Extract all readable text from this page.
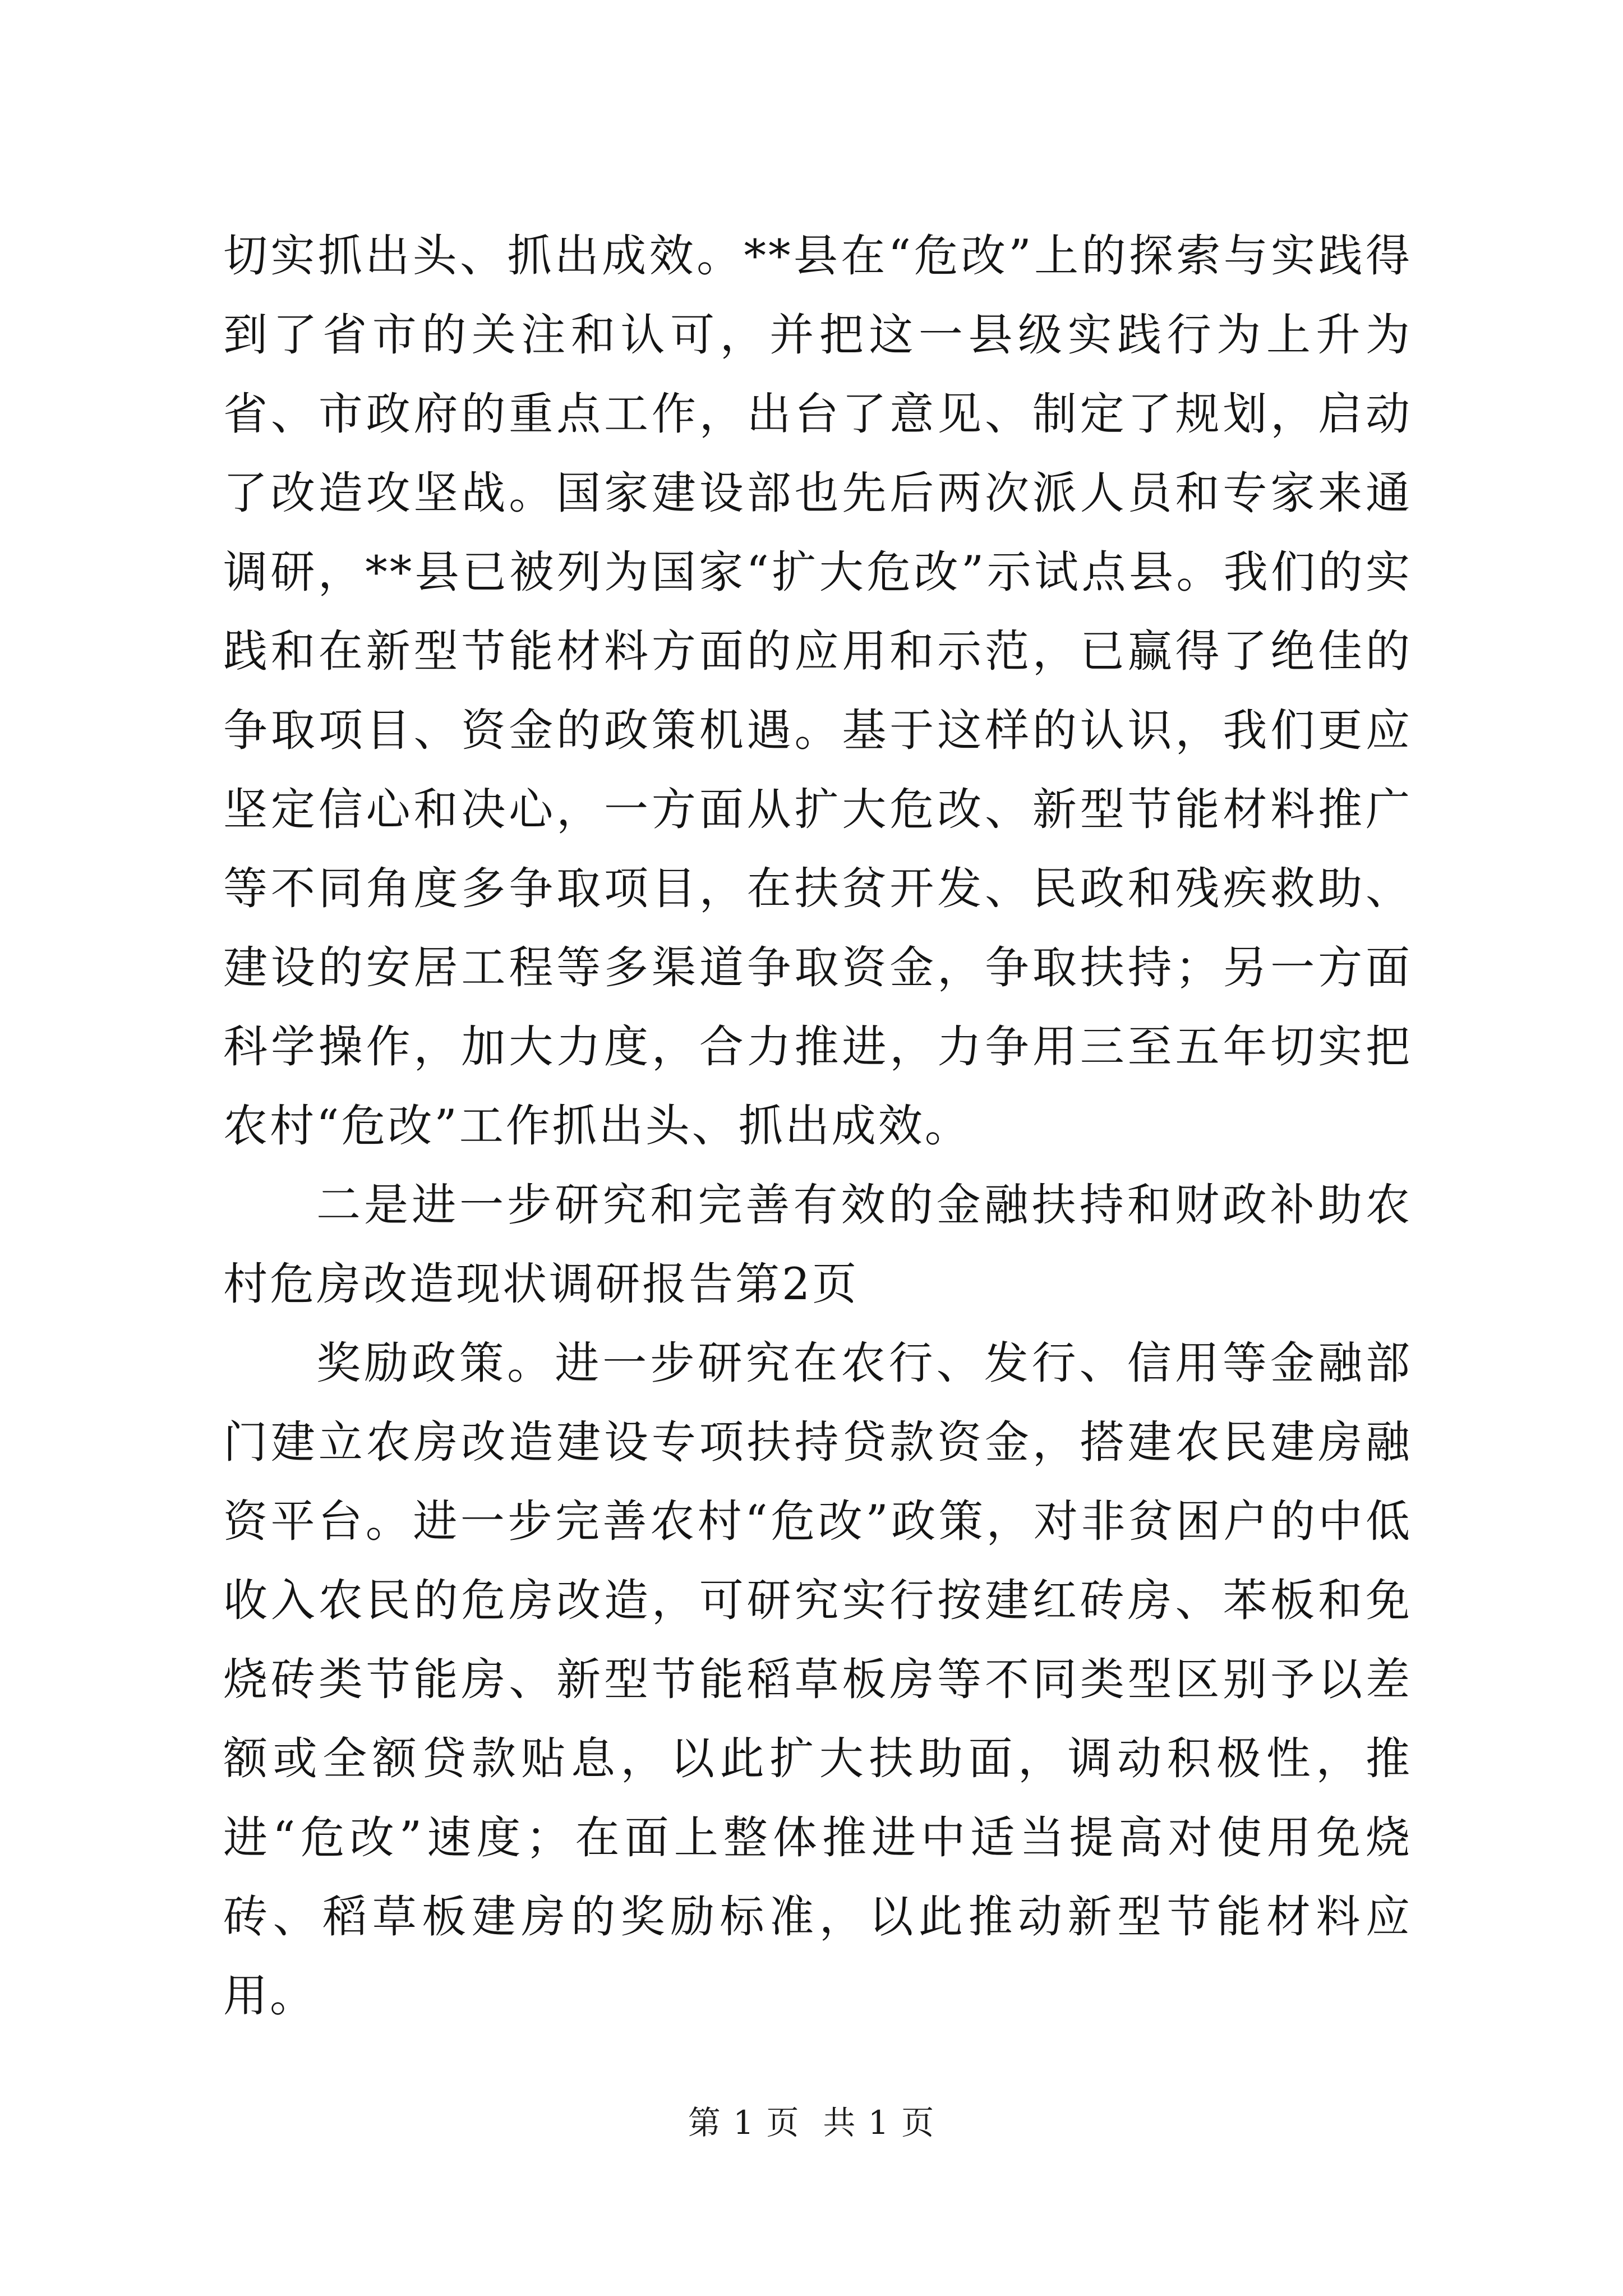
切实抓出头、抓出成效。**县在“危改”上的探索与实践得到了省市的关注和认可，并把这一县级实践行为上升为省、市政府的重点工作，出台了意见、制定了规划，启动了改造攻坚战。国家建设部也先后两次派人员和专家来通调研，**县已被列为国家“扩大危改”示试点县。我们的实践和在新型节能材料方面的应用和示范，已赢得了绝佳的争取项目、资金的政策机遇。基于这样的认识，我们更应坚定信心和决心，一方面从扩大危改、新型节能材料推广等不同角度多争取项目，在扶贫开发、民政和残疾救助、建设的安居工程等多渠道争取资金，争取扶持；另一方面科学操作，加大力度，合力推进，力争用三至五年切实把农村“危改”工作抓出头、抓出成效。

二是进一步研究和完善有效的金融扶持和财政补助农村危房改造现状调研报告第2页

奖励政策。进一步研究在农行、发行、信用等金融部门建立农房改造建设专项扶持贷款资金，搭建农民建房融资平台。进一步完善农村“危改”政策，对非贫困户的中低收入农民的危房改造，可研究实行按建红砖房、苯板和免烧砖类节能房、新型节能稻草板房等不同类型区别予以差额或全额贷款贴息，以此扩大扶助面，调动积极性，推进“危改”速度；在面上整体推进中适当提高对使用免烧砖、稻草板建房的奖励标准，以此推动新型节能材料应用。

第 1 页  共 1 页
